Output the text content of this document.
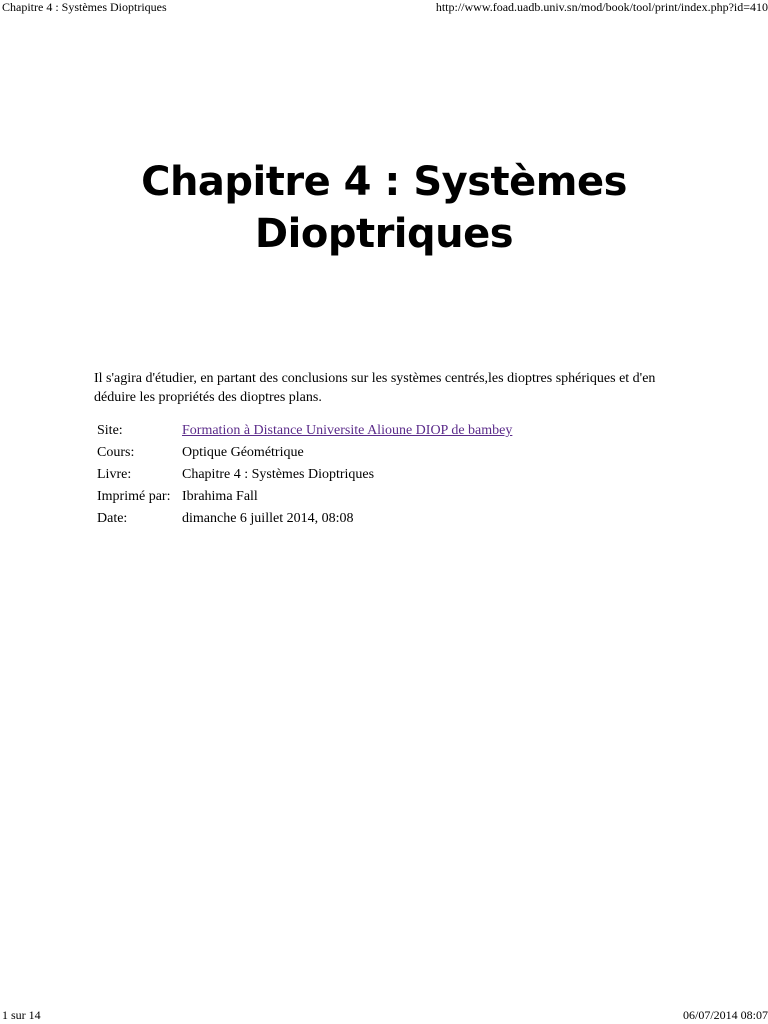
Chapitre 4 : Systèmes Dioptriques	http://www.foad.uadb.univ.sn/mod/book/tool/print/index.php?id=410
Chapitre 4 : Systèmes Dioptriques

Il s'agira d'étudier, en partant des conclusions sur les systèmes centrés,les dioptres sphériques et d'en déduire les propriétés des dioptres plans.

Site:	Formation à Distance Universite Alioune DIOP de bambey
Cours:	Optique Géométrique
Livre:	Chapitre 4 : Systèmes Dioptriques
Imprimé par:	Ibrahima Fall
Date:	dimanche 6 juillet 2014, 08:08
1 sur 14	06/07/2014 08:07
